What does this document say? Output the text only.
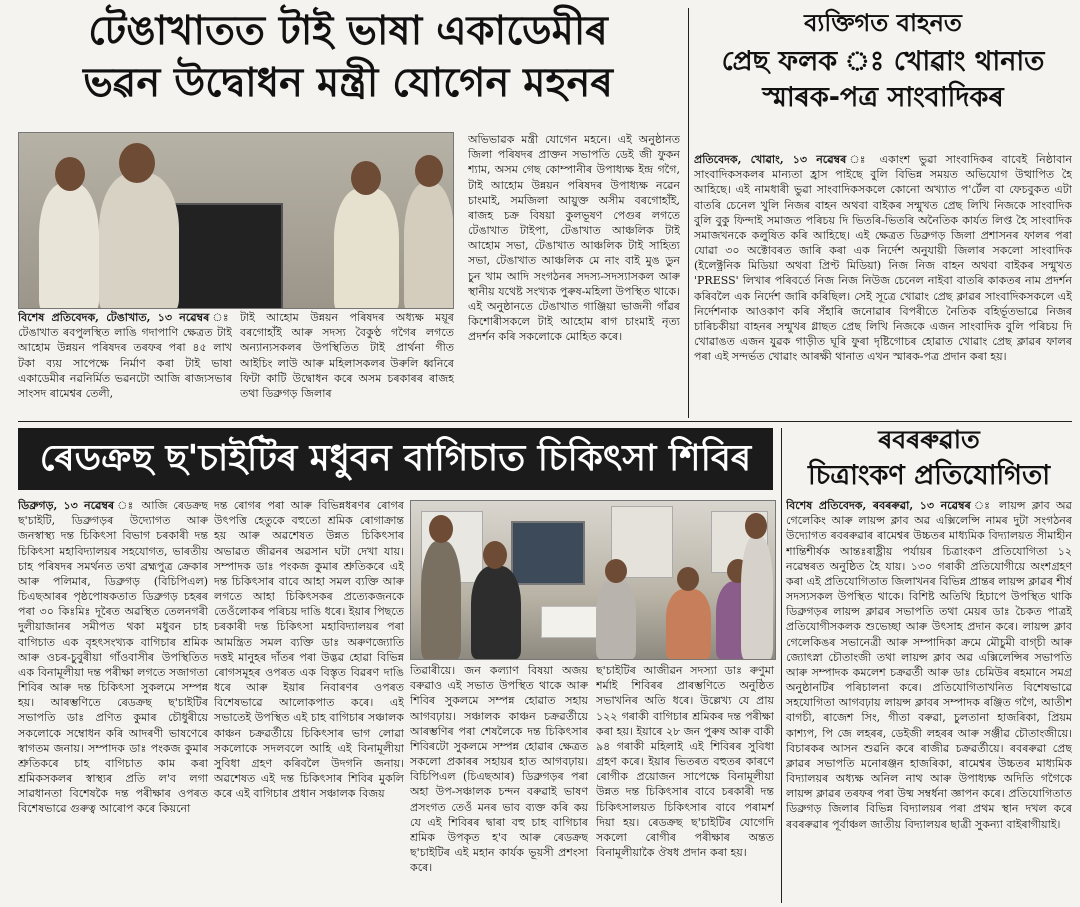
টেঙাখাতত টাই ভাষা একাডেমীৰ
ভৱন উদ্বোধন মন্ত্ৰী যোগেন মহনৰ
বিশেষ প্ৰতিবেদক, টেঙাখাত, ১৩ নৱেম্বৰ টেঙাখাত ৰবপুলস্থিত লাঙি গদাপাণি ক্ষেত্ৰত টাই আহোম উন্নয়ন পৰিষদৰ তৰফৰ পৰা ৪৫ লাখ টকা ব্যয় সাপেক্ষে নিৰ্মাণ কৰা টাই ভাষা একাডেমীৰ নৱনিৰ্মিত ভৱনটো আজি ৰাজ্যসভাৰ সাংসদ ৰামেশ্বৰ তেলী,
টাই আহোম উন্নয়ন পৰিষদৰ অধ্যক্ষ ময়ূৰ বৰগোহাঁই আৰু সদস্য বৈকুণ্ঠ গগৈৰ লগতে অন্যান্যসকলৰ উপস্থিতিত টাই প্ৰাৰ্থনা গীত আইচিং লাউ আৰু মহিলাসকলৰ উৰুলি ধ্বনিৰে ফিটা কাটি উদ্বোধন কৰে অসম চৰকাৰৰ ৰাজহ তথা ডিব্ৰুগড় জিলাৰ
অভিভাৱক মন্ত্ৰী যোগেন মহনে। এই অনুষ্ঠানত জিলা পৰিষদৰ প্ৰাক্তন সভাপতি ডেই জী ফুকন শ্যাম, অসম গেছ কোম্পানীৰ উপাধ্যক্ষ ইন্দ্ৰ গগৈ, টাই আহোম উন্নয়ন পৰিষদৰ উপাধ্যক্ষ নৱেন চাংমাই, সমজিলা আয়ুক্ত অসীম বৰগোহাঁই, ৰাজহ চক্ৰ বিষয়া কুলভূষণ পেগুৰ লগতে টেঙাখাত টাইপা, টেঙাখাত আঞ্চলিক টাই আহোম সভা, টেঙাখাত আঞ্চলিক টাই সাহিত্য সভা, টেঙাখাত আঞ্চলিক মে নাং বাই মুঙ ডুন চুন খাম আদি সংগঠনৰ সদস্য-সদস্যাসকল আৰু স্থানীয় যথেষ্ট সংখ্যক পুৰুষ-মহিলা উপস্থিত থাকে। এই অনুষ্ঠানতে টেঙাখাত গাঞ্জিয়া ভাজনী গাঁৱৰ কিশোৰীসকলে টাই আহোম ৰাগ চাংমাই নৃত্য প্ৰদৰ্শন কৰি সকলোকে মোহিত কৰে।
ব্যক্তিগত বাহনত
প্ৰেছ ফলক ঃ খোৱাং থানাত
স্মাৰক-পত্ৰ সাংবাদিকৰ
প্ৰতিবেদক, খোৱাং, ১৩ নৱেম্বৰ ঃ একাংশ ভুৱা সাংবাদিকৰ বাবেই নিষ্ঠাবান সাংবাদিকসকলৰ মান্যতা হ্ৰাস পাইছে বুলি বিভিন্ন সময়ত অভিযোগ উত্থাপিত হৈ আহিছে। এই নামধাৰী ভুৱা সাংবাদিকসকলে কোনো অখ্যাত প'ৰ্টেল বা ফেচবুকত এটা বাতৰি চেনেল খুলি নিজৰ বাহন অথবা বাইকৰ সন্মুখত প্ৰেছ লিখি নিজকে সাংবাদিক বুলি বুকু ফিন্দাই সমাজত পৰিচয় দি ভিতৰি-ভিতৰি অনৈতিক কাৰ্যত লিপ্ত হৈ সাংবাদিক সমাজখনকে কলুষিত কৰি আহিছে। এই ক্ষেত্ৰত ডিব্ৰুগড় জিলা প্ৰশাসনৰ ফালৰ পৰা যোৱা ৩০ অক্টোবৰত জাৰি কৰা এক নিৰ্দেশ অনুযায়ী জিলাৰ সকলো সাংবাদিক (ইলেক্ট্ৰনিক মিডিয়া অথবা প্ৰিণ্ট মিডিয়া) নিজ নিজ বাহন অথবা বাইকৰ সন্মুখত 'PRESS' লিখাৰ পৰিবৰ্তে নিজ নিজ নিউজ চেনেল নাইবা বাতৰি কাকতৰ নাম প্ৰদৰ্শন কৰিবলৈ এক নিৰ্দেশ জাৰি কৰিছিল। সেই সূত্ৰে খোৱাং প্ৰেছ ক্লাৱৰ সাংবাদিকসকলে এই নিৰ্দেশনাক আওকাণ কৰি সঁহাৰি জনোৱাৰ বিপৰীতে নৈতিক বহিৰ্ভূতভাৱে নিজৰ চাৰিচকীয়া বাহনৰ সন্মুখৰ গ্লাছত প্ৰেছ লিখি নিজকে এজন সাংবাদিক বুলি পৰিচয় দি খোৱাঙত এজন যুৱক গাড়ীত ঘূৰি ফুৰা দৃষ্টিগোচৰ হোৱাত খোৱাং প্ৰেছ ক্লাৱৰ ফালৰ পৰা এই সন্দৰ্ভত খোৱাং আৰক্ষী থানাত এখন স্মাৰক-পত্ৰ প্ৰদান কৰা হয়।
ৰেডক্ৰছ ছ'চাইটিৰ মধুবন বাগিচাত চিকিৎসা শিবিৰ
ডিব্ৰুগড়, ১৩ নৱেম্বৰ ঃ আজি ৰেডক্ৰছ ছ'চাইটি, ডিব্ৰুগড়ৰ উদ্যোগত আৰু জনস্বাস্থ্য দন্ত চিকিৎসা বিভাগ চৰকাৰী দন্ত চিকিৎসা মহাবিদ্যালয়ৰ সহযোগত, ভাৰতীয় চাহ পৰিষদৰ সমৰ্থনত তথা ব্ৰহ্মপুত্ৰ ক্ৰেকাৰ আৰু পলিমাৰ, ডিব্ৰুগড় (বিচিপিএল) চিএছআৰৰ পৃষ্ঠপোষকতাত ডিব্ৰুগড় চহৰৰ পৰা ৩০ কিঃমিঃ দূৰৈত অৱস্থিত তেলনগৰী দুলীয়াজানৰ সমীপত থকা মধুবন চাহ বাগিচাত এক বৃহৎসংখ্যক বাগিচাৰ শ্ৰমিক আৰু ওচৰ-চুবুৰীয়া গাঁওবাসীৰ উপস্থিতিত এক বিনামূলীয়া দন্ত পৰীক্ষা লগতে সজাগতা শিবিৰ আৰু দন্ত চিকিৎসা সুকলমে সম্পন্ন হয়। আৰম্ভণিতে ৰেডক্ৰছ ছ'চাইটিৰ সভাপতি ডাঃ প্ৰণিত কুমাৰ চৌধুৰীয়ে সকলোকে সম্বোধন কৰি আদৰণী ভাষণেৰে স্বাগতম জনায়। সম্পাদক ডাঃ পংকজ কুমাৰ শ্ৰুতিকৰে চাহ বাগিচাত কাম কৰা শ্ৰমিকসকলৰ স্বাস্থ্যৰ প্ৰতি ল'ব লগা সাৱধানতা বিশেষকৈ দন্ত পৰীক্ষাৰ ওপৰত বিশেষভাৱে গুৰুত্ব আৰোপ কৰে কিয়নো
দন্ত ৰোগৰ পৰা আৰু বিভিন্নধৰণৰ ৰোগৰ উৎপত্তি হেতুকে বহুতো শ্ৰমিক ৰোগাক্ৰান্ত হয় আৰু অৱশেষত উন্নত চিকিৎসাৰ অভাৱত জীৱনৰ অৱসান ঘটা দেখা যায়। সম্পাদক ডাঃ পংকজ কুমাৰ শ্ৰুতিকৰে এই দন্ত চিকিৎসাৰ বাবে আহা সমল ব্যক্তি আৰু লগতে আহা চিকিৎসকৰ প্ৰত্যেকজনকে তেওঁলোকৰ পৰিচয় দাঙি ধৰে। ইয়াৰ পিছতে চৰকাৰী দন্ত চিকিৎসা মহাবিদ্যালয়ৰ পৰা আমন্ত্ৰিত সমল ব্যক্তি ডাঃ অৰুণজ্যোতি দত্তই মানুহৰ দাঁতৰ পৰা উদ্ভৱ হোৱা বিভিন্ন ৰোগসমূহৰ ওপৰত এক বিস্তৃত বিৱৰণ দাঙি ধৰে আৰু ইয়াৰ নিবাৰণৰ ওপৰত বিশেষভাৱে আলোকপাত কৰে। এই সভাতেই উপস্থিত এই চাহ বাগিচাৰ সঞ্চালক কাঞ্চন চক্ৰৱৰ্তীয়ে চিকিৎসাৰ ভাগ লোৱা সকলোকে সদলবলে আহি এই বিনামূলীয়া সুবিধা গ্ৰহণ কৰিবলৈ উদগনি জনায়। অৱশেষত এই দন্ত চিকিৎসাৰ শিবিৰ মুকলি কৰে এই বাগিচাৰ প্ৰধান সঞ্চালক বিজয়
তিৱাৰীয়ে। জন কল্যাণ বিষয়া অজয় বৰুৱাও এই সভাত উপস্থিত থাকে আৰু শিবিৰ সুকলমে সম্পন্ন হোৱাত সহায় আগবঢ়ায়। সঞ্চালক কাঞ্চন চক্ৰৱৰ্তীয়ে আৰম্ভণিৰ পৰা শেষলৈকে দন্ত চিকিৎসাৰ শিবিৰটো সুকলমে সম্পন্ন হোৱাৰ ক্ষেত্ৰত সকলো প্ৰকাৰৰ সহায়ৰ হাত আগবঢ়ায়। বিচিপিএল (চিএছআৰ) ডিব্ৰুগড়ৰ পৰা অহা উপ-সঞ্চালক চন্দন বৰুৱাই ভাষণ প্ৰসংগত তেওঁ মনৰ ভাব ব্যক্ত কৰি কয় যে এই শিবিৰৰ দ্বাৰা বহু চাহ বাগিচাৰ শ্ৰমিক উপকৃত হ'ব আৰু ৰেডক্ৰছ ছ'চাইটিৰ এই মহান কাৰ্যক ভূয়সী প্ৰশংসা কৰে।
ছ'চাইটিৰ আজীৱন সদস্যা ডাঃ ৰুণুমা শৰ্মাই শিবিৰৰ প্ৰাৰম্ভণিতে অনুষ্ঠিত সভাখনিৰ অতি ধৰে। উল্লেখ্য যে প্ৰায় ১২২ গৰাকী বাগিচাৰ শ্ৰমিকৰ দন্ত পৰীক্ষা কৰা হয়। ইয়াৰে ২৮ জন পুৰুষ আৰু বাকী ৯৪ গৰাকী মহিলাই এই শিবিৰৰ সুবিধা গ্ৰহণ কৰে। ইয়াৰ ভিতৰত বহুতৰ কাৰণে ৰোগীক প্ৰয়োজন সাপেক্ষে বিনামূলীয়া উন্নত দন্ত চিকিৎসাৰ বাবে চৰকাৰী দন্ত চিকিৎসালয়ত চিকিৎসাৰ বাবে পৰামৰ্শ দিয়া হয়। ৰেডক্ৰছ ছ'চাইটিৰ যোগেদি সকলো ৰোগীৰ পৰীক্ষাৰ অন্তত বিনামূলীয়াকৈ ঔষধ প্ৰদান কৰা হয়।
ৰবৰৰুৱাত
চিত্ৰাংকণ প্ৰতিযোগিতা
বিশেষ প্ৰতিবেদক, ৰবৰৰুৱা, ১৩ নৱেম্বৰ ঃ লায়ন্স ক্লাব অৱ গেলেকিং আৰু লায়ন্স ক্লাব অৱ এক্সিলেন্সি নামৰ দুটা সংগঠনৰ উদ্যোগত ৰবৰৰুৱাৰ ৰামেশ্বৰ উচ্চতৰ মাধ্যমিক বিদ্যালয়ত সীমাহীন শান্তিশীৰ্ষক আন্তঃৰাষ্ট্ৰীয় পৰ্যায়ৰ চিত্ৰাংকণ প্ৰতিযোগিতা ১২ নৱেম্বৰত অনুষ্ঠিত হৈ যায়। ১৩০ গৰাকী প্ৰতিযোগীয়ে অংশগ্ৰহণ কৰা এই প্ৰতিযোগিতাত জিলাখনৰ বিভিন্ন প্ৰান্তৰ লায়ন্স ক্লাৱৰ শীৰ্ষ সদস্যসকল উপস্থিত থাকে। বিশিষ্ট অতিথি হিচাপে উপস্থিত থাকি ডিব্ৰুগড়ৰ লায়ন্স ক্লাৱৰ সভাপতি তথা মেয়ৰ ডাঃ চৈকত পাত্ৰই প্ৰতিযোগীসকলক শুভেচ্ছা আৰু উৎসাহ প্ৰদান কৰে। লায়ন্স ক্লাব গেলেকিঙৰ সভানেত্ৰী আৰু সম্পাদিকা ক্ৰমে মৌচুমী বাগ্চী আৰু জ্যোৎস্না চৌতাংজী তথা লায়ন্স ক্লাব অৱ এক্সিলেন্সিৰ সভাপতি আৰু সম্পাদক কমলেশ চক্ৰৱৰ্তী আৰু ডাঃ চেমিউৰ ৰহমানে সমগ্ৰ অনুষ্ঠানটিৰ পৰিচালনা কৰে। প্ৰতিযোগিতাখনিত বিশেষভাৱে সহযোগিতা আগবঢ়ায় লায়ন্স ক্লাবৰ সম্পাদক ৰঞ্জিত গগৈ, আতীশ বাগচী, ৰাজেশ সিং, গীতা বৰুৱা, চুলতানা হাজৰিকা, প্ৰিয়ম কাশ্যপ, পি জে লহৰৰ, ডেইজী লহৰৰ আৰু সঞ্জীৱ চৌতাংজীয়ে। বিচাৰকৰ আসন শুৱনি কৰে ৰাজীৱ চক্ৰৱৰ্তীয়ে। ৰবৰৰুৱা প্ৰেছ ক্লাৱৰ সভাপতি মনোৰঞ্জন হাজৰিকা, ৰামেশ্বৰ উচ্চতৰ মাধ্যমিক বিদ্যালয়ৰ অধ্যক্ষ অনিল নাথ আৰু উপাধ্যক্ষ অদিতি গগৈকে লায়ন্স ক্লাৱৰ তৰফৰ পৰা উষ্ম সম্বৰ্ধনা জ্ঞাপন কৰে। প্ৰতিযোগিতাত ডিব্ৰুগড় জিলাৰ বিভিন্ন বিদ্যালয়ৰ পৰা প্ৰথম স্থান দখল কৰে ৰবৰৰুৱাৰ পূৰ্বাঞ্চল জাতীয় বিদ্যালয়ৰ ছাত্ৰী সুকন্যা বাইৰাগীয়াই।
